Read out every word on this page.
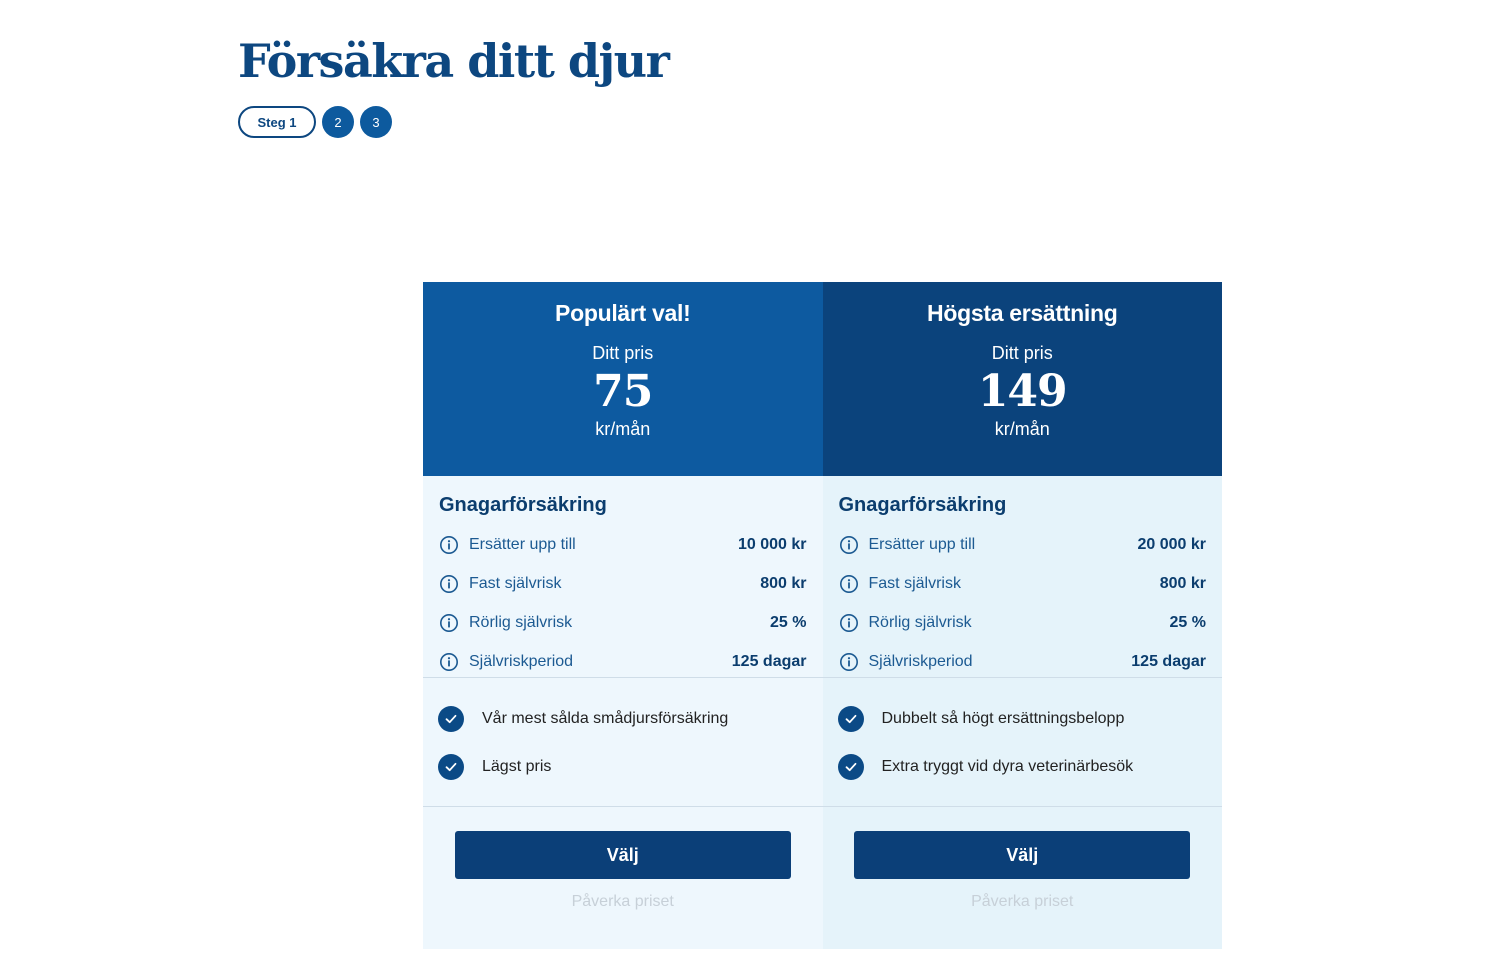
Försäkra ditt djur
Steg 1	2	3
Populärt val!
Ditt pris
75
kr/mån
Gnagarförsäkring
Ersätter upp till	10 000 kr
Fast självrisk	800 kr
Rörlig självrisk	25 %
Självriskperiod	125 dagar
Vår mest sålda smådjursförsäkring
Lägst pris
Välj
Påverka priset
Högsta ersättning
Ditt pris
149
kr/mån
Gnagarförsäkring
Ersätter upp till	20 000 kr
Fast självrisk	800 kr
Rörlig självrisk	25 %
Självriskperiod	125 dagar
Dubbelt så högt ersättningsbelopp
Extra tryggt vid dyra veterinärbesök
Välj
Påverka priset
